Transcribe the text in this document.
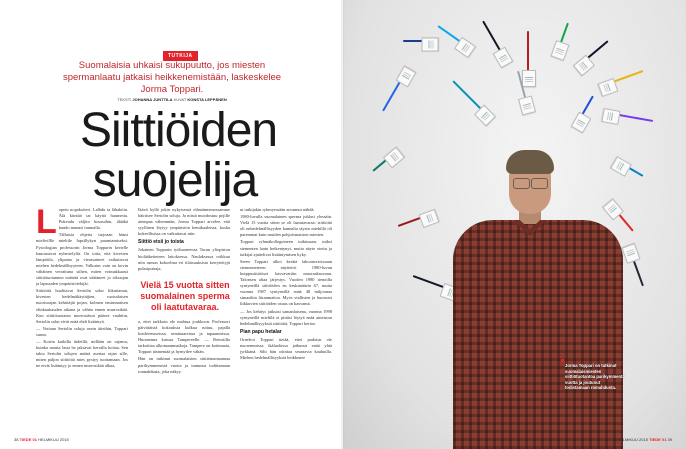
TUTKIJA
Suomalaisia uhkaisi sukupuutto, jos miesten spermanlaatu jatkaisi heikkenemistään, laskeskelee Jorma Toppari.
TEKSTI JOHANNA JUNTTILA KUVAT KONSTA LEPPÄNEN
Siittiöiden
suojelija
L opetu nopakoiteri. Lalhdu ta lähaköin. Älä kiintää tai käyttä huumetta. Pukeudu väljiin housuihin, älääkä haudo munasi tuumalla.

Tällaisia ohjeita tarjoaan hänsi mielivillle mieltile lapsillykyn parantamiseksi. Fysiologian professorin Jorma Topparin kertelle kaurastavat nyhertelyltä. On totta, että kivesten lämpötila, ylipaino ja vierasaineet vaikuttavat miehen hedelmällisyyteen. Valkutus vain on kovin vähäinen verrattuna siihen, miten voimakkaasti siittiötuotannon määrää ovat säätäneet jo siksiajan ja lapsuuden ympäristötekijät.

Siittiöitä huolitavat Sertolin solut liikuttamat, kivesten hedelmäkäyttäjien, ruotsalaisen nuorisoajan kehittäjät pojan, kolmen ensimmäisen elinkuukauden aikana ja vähän ennen murrosikää. Kun siittiötuotanto murrosiässä pääsee vauhtiin, Sertolin solut eivät enää ehdi lisääntyä.

— Vertaan Sertolin soluja usein äiteihin, Toppari sanoo.

— Koirin kaikilla äideillä, millään on rajansa, kuinka monta lasta he jaksavat kerralla hoitaa. Sen takia Sertolin solujen määrä asettaa rajan sille, miten paljon siittiöitä mies pystyy tuottamaan. Jos ne eivät lisääntyy jo ennen murrosikää alkaa,

Ikävä kyllä jokin nykyisessä elämänmenossamme häiritsee Sertolin soluja. Ja niistä muodostuu pojille aiempaa vähemmän, Jorma Toppari arvelee, että syyllinen löytyy ympäristön kemikaaleista, koska kokeellisissa on vaikuttavat niin.

Siittiö etsii jo toista

Jokainen Topparin työhuoneessa Turun yliopiston biolääketieteen laitoksessa. Naulaksessa roikkuu niin runsas kokoelma eri tilaisuuksista kerrytettyjä pulssiputraja.

a, ettei tarkkoin ole mahtua joukkoon. Professori päivittäisiä kokouksia kulkua ruttuu, pajalla konferensseissa, seminaareissa ja tapaamisissa. Huomenna kutsuu Tampereelle. — Retosiilla tarkoittaa ulkomaanmatkoja. Tampere on kotimaata, Toppari täsmentää ja hymyilee vähän.

Hän on tutkinut suomalaisten siittiömainaamaa pariliymmenestä vuotta ja tuntunut todittamaan ronnahdusta, joka näkyy

Vielä 15 vuotta sitten suomalainen sperma oli laatutavaraa.

ut tutkijakin ryhmyessään arvannut nähdä.

1980-luvulla suomalainen sperma juhlasi ylessäin. Vielä 15 vuotta sitten se oli laatutavaraa: siittiöitä oli nehedelmällisyyden kannalta täysin miehillä oli paremmat kuin muiden pohjoismaisten miesten.

Toppari ryhmäkollegoineen tutkimaan, miksi siementen laatu heikentynyt, mutta näyte otettu ja tutkijat ajattelivat lisääntymisen kyky.

Steen Toppari alkoi kerätä laboratorioissaan siemennesteen näytteitä. 1980-luvun huippusiittiöiset kasvavattiin muoraaksuvaan. Talonsen altaa järjestys. Vuoden 1980 tienoilla syntyneillä siittiöiden en keskimäärin 67, mutta vuonna 1987 syntyneillä enää 48 miljoonaa simasikin litranmaitoa. Myös viallisten ja huonosti liikkuvien siittiöiden osuus on kasvanut.

— Jos kehitys jatkuisi samanlaisena, vuonna 1998 syntyneillä mieltilä ei pitäisi löytyä enää aineiston hedelmällisyyksiä siittiöitä, Toppari kertoo.

Pian papu hetalar

Ornelroi Toppari tietää, ettei pudotus ole nuoremmissa ikäluokissa jatkunut enää yhtä jyrkkänä. Silti hän odottaa seuraavia kauhuilla. Miehen hedelmällisyyksiä heikkenee

38 TIEDE 01 HELMIKUU 2015
Jorma Toppari on tutkinut suomalaismiesten siittiötuotantoa parikymmentä vuotta ja joutunut todistamaan romahdusta.
HELMIKUU 2015 TIEDE 01 39
